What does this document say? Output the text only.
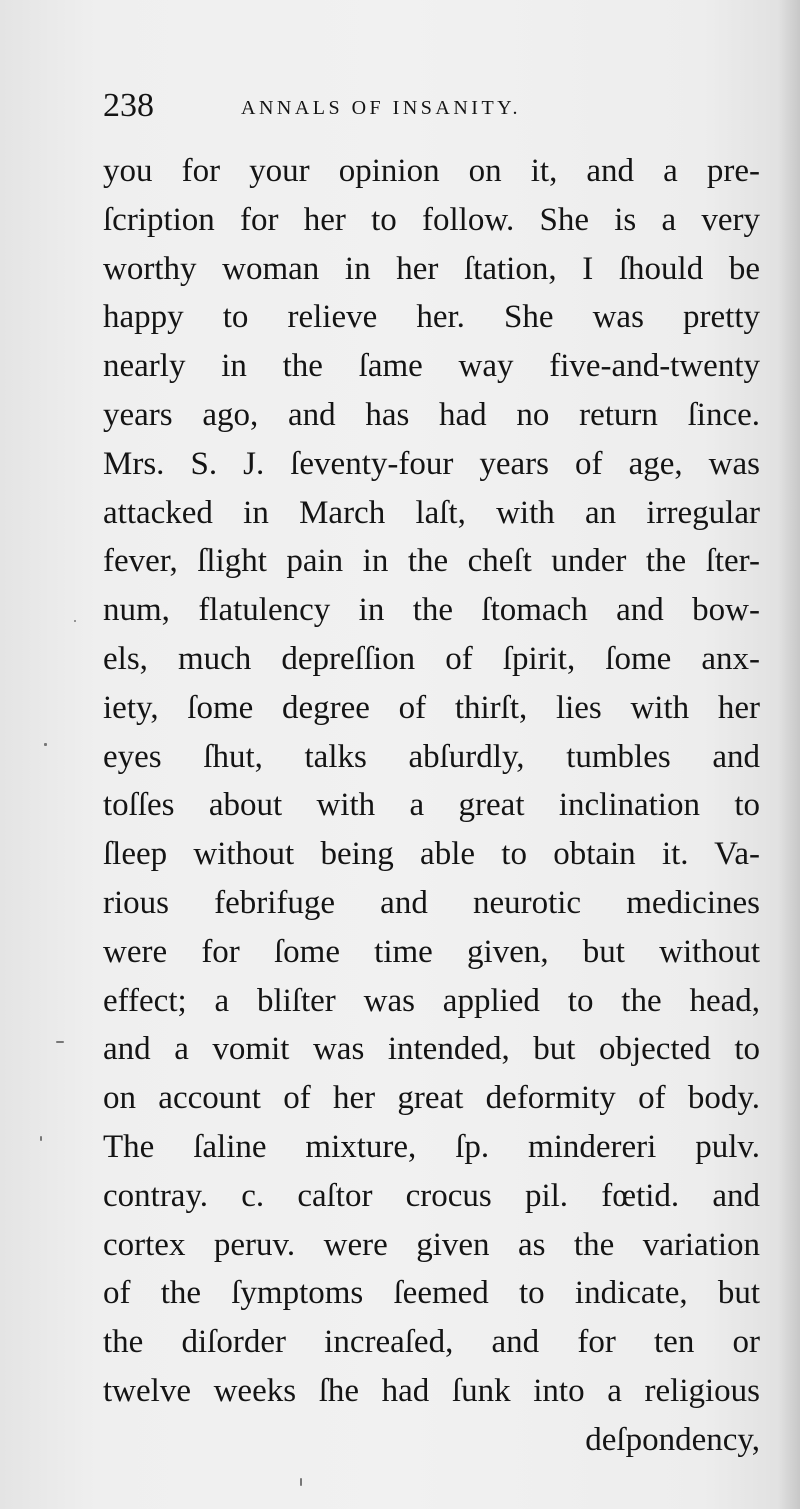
238	ANNALS OF INSANITY.
you for your opinion on it, and a pre-
ſcription for her to follow. She is a very
worthy woman in her ſtation, I ſhould be
happy to relieve her. She was pretty
nearly in the ſame way five-and-twenty
years ago, and has had no return ſince.
Mrs. S. J. ſeventy-four years of age, was
attacked in March laſt, with an irregular
fever, ſlight pain in the cheſt under the ſter-
num, flatulency in the ſtomach and bow-
els, much depreſſion of ſpirit, ſome anx-
iety, ſome degree of thirſt, lies with her
eyes ſhut, talks abſurdly, tumbles and
toſſes about with a great inclination to
ſleep without being able to obtain it. Va-
rious febrifuge and neurotic medicines
were for ſome time given, but without
effect; a bliſter was applied to the head,
and a vomit was intended, but objected to
on account of her great deformity of body.
The ſaline mixture, ſp. mindereri pulv.
contray. c. caſtor crocus pil. fœtid. and
cortex peruv. were given as the variation
of the ſymptoms ſeemed to indicate, but
the diſorder increaſed, and for ten or
twelve weeks ſhe had ſunk into a religious
deſpondency,
